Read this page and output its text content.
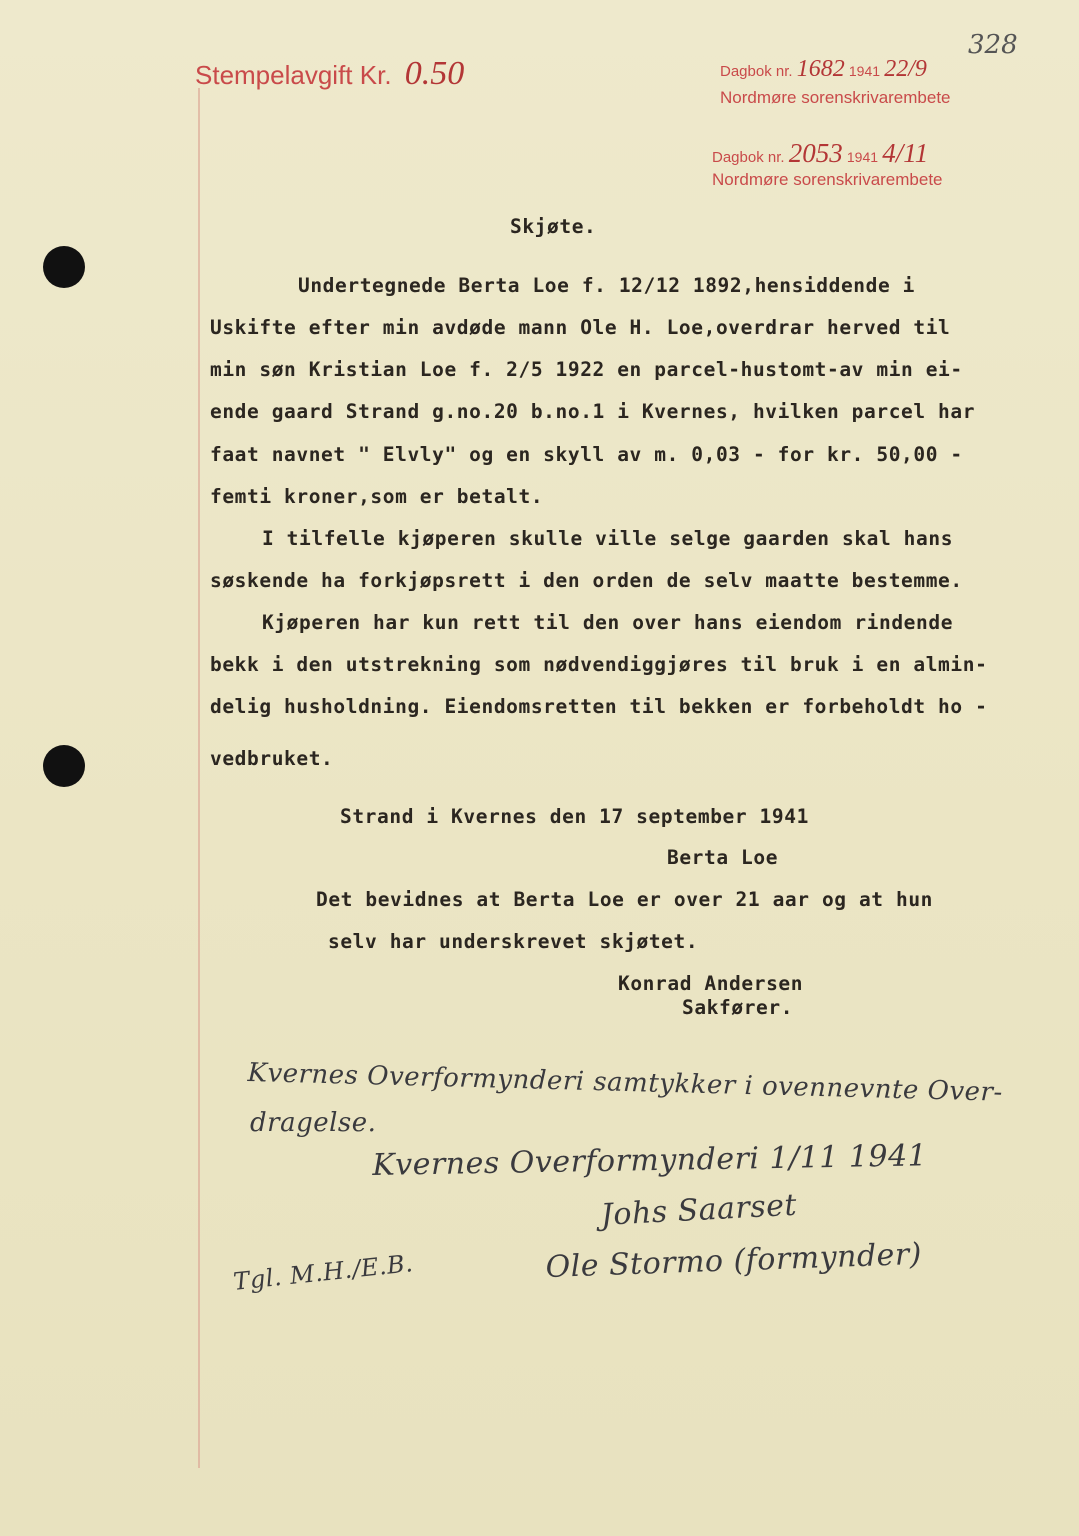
Stempelavgift Kr. 0.50
328
Dagbok nr. 1682 1941 22/9
Nordmøre sorenskrivarembete
Dagbok nr. 2053 1941 4/11
Nordmøre sorenskrivarembete
Skjøte.
Undertegnede Berta Loe f. 12/12 1892,hensiddende i
Uskifte efter min avdøde mann Ole H. Loe,overdrar herved til
min søn Kristian Loe f. 2/5 1922 en parcel-hustomt-av min ei-
ende gaard Strand g.no.20 b.no.1 i Kvernes, hvilken parcel har
faat navnet " Elvly" og en skyll av m. 0,03 - for kr. 50,00 -
femti kroner,som er betalt.
I tilfelle kjøperen skulle ville selge gaarden skal hans
søskende ha forkjøpsrett i den orden de selv maatte bestemme.
Kjøperen har kun rett til den over hans eiendom rindende
bekk i den utstrekning som nødvendiggjøres til bruk i en almin-
delig husholdning. Eiendomsretten til bekken er forbeholdt ho -
vedbruket.
Strand i Kvernes den 17 september 1941
Berta Loe
Det bevidnes at Berta Loe er over 21 aar og at hun
selv har underskrevet skjøtet.
Konrad Andersen
Sakfører.
Kvernes Overformynderi samtykker i ovennevnte Over-
dragelse.
Kvernes Overformynderi 1/11 1941
Johs Saarset
Ole Stormo (formynder)
Tgl. M.H./E.B.
